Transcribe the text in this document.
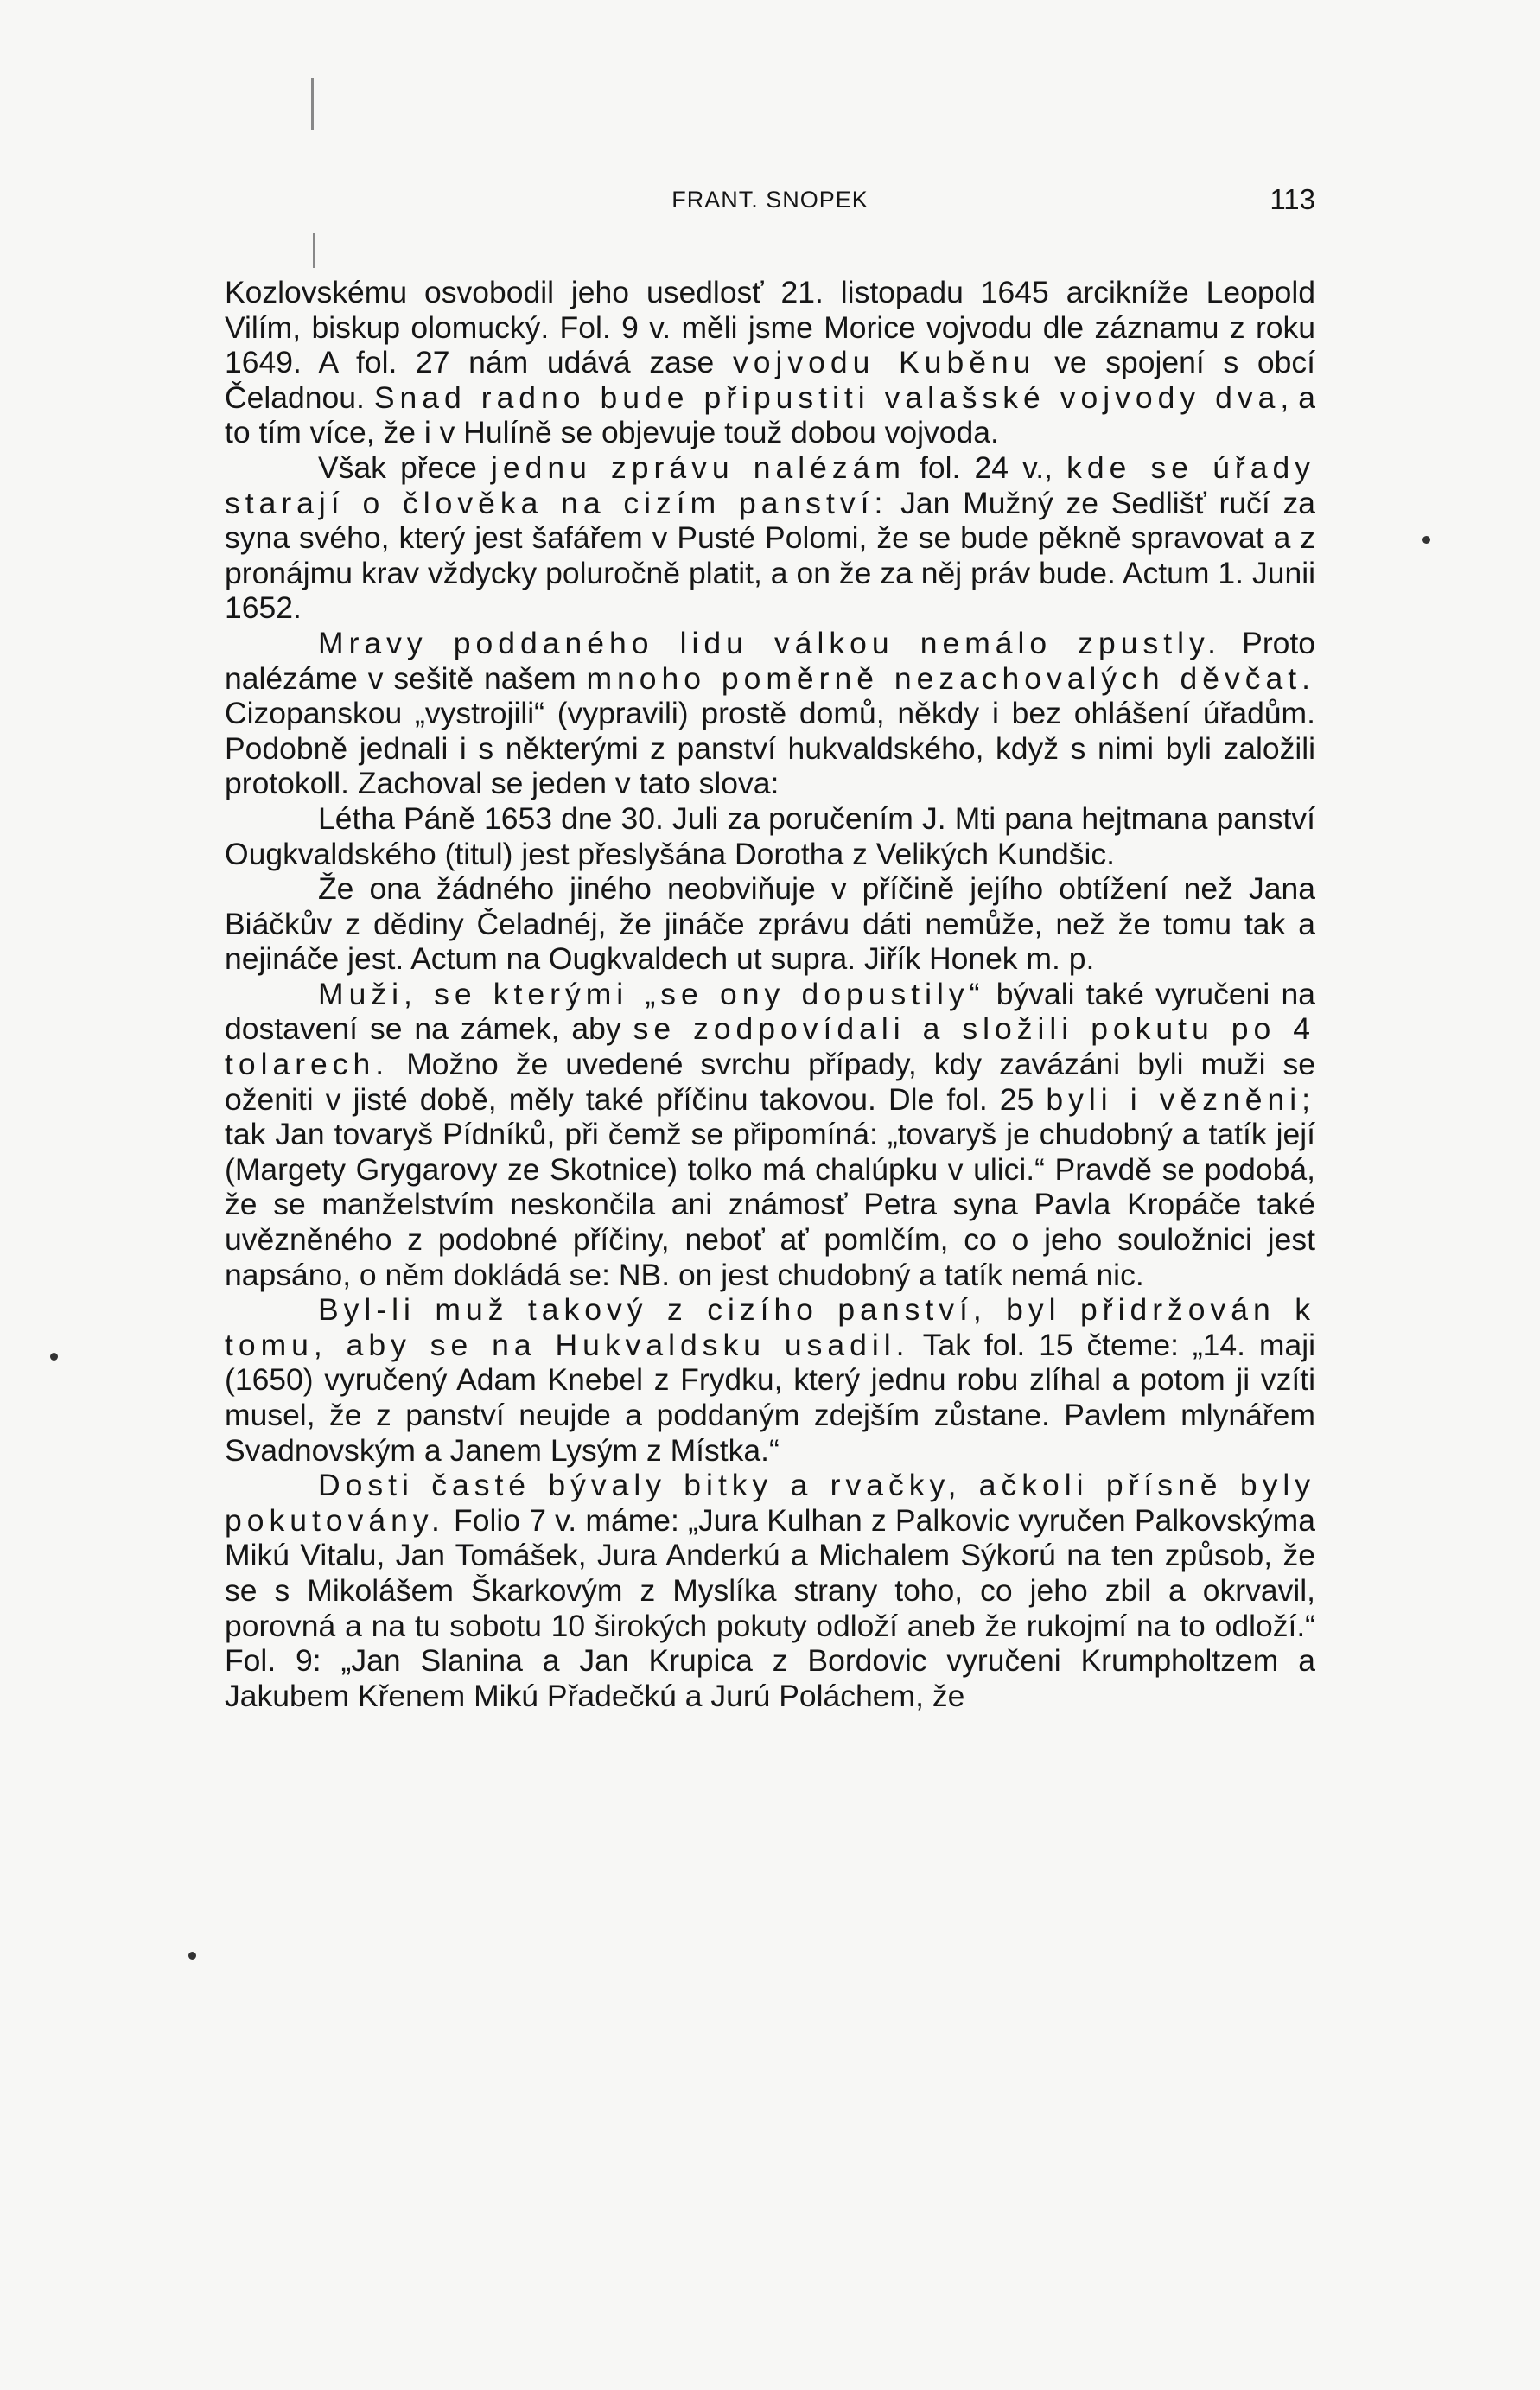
FRANT. SNOPEK	113

Kozlovskému osvobodil jeho usedlosť 21. listopadu 1645 arcikníže Leopold Vilím, biskup olomucký. Fol. 9 v. měli jsme Morice vojvodu dle záznamu z roku 1649. A fol. 27 nám udává zase vojvodu Kuběnu ve spojení s obcí Čeladnou. Snad radno bude připustiti valašské vojvody dva, a to tím více, že i v Hulíně se objevuje touž dobou vojvoda.

Však přece jednu zprávu nalézám fol. 24 v., kde se úřady starají o člověka na cizím panství: Jan Mužný ze Sedlišť ručí za syna svého, který jest šafářem v Pusté Polomi, že se bude pěkně spravovat a z pronájmu krav vždycky poluročně platit, a on že za něj práv bude. Actum 1. Junii 1652.

Mravy poddaného lidu válkou nemálo zpustly. Proto nalézáme v sešitě našem mnoho poměrně nezachovalých děvčat. Cizopanskou „vystrojili“ (vypravili) prostě domů, někdy i bez ohlášení úřadům. Podobně jednali i s některými z panství hukvaldského, když s nimi byli založili protokoll. Zachoval se jeden v tato slova:

Létha Páně 1653 dne 30. Juli za poručením J. Mti pana hejtmana panství Ougkvaldského (titul) jest přeslyšána Dorotha z Velikých Kundšic.

Že ona žádného jiného neobviňuje v příčině jejího obtížení než Jana Biáčkův z dědiny Čeladnéj, že jináče zprávu dáti nemůže, než že tomu tak a nejináče jest. Actum na Ougkvaldech ut supra. Jiřík Honek m. p.

Muži, se kterými „se ony dopustily“ bývali také vyručeni na dostavení se na zámek, aby se zodpovídali a složili pokutu po 4 tolarech. Možno že uvedené svrchu případy, kdy zavázáni byli muži se oženiti v jisté době, měly také příčinu takovou. Dle fol. 25 byli i vězněni; tak Jan tovaryš Pídníků, při čemž se připomíná: „tovaryš je chudobný a tatík její (Margety Grygarovy ze Skotnice) tolko má chalúpku v ulici.“ Pravdě se podobá, že se manželstvím neskončila ani známosť Petra syna Pavla Kropáče také uvězněného z podobné příčiny, neboť ať pomlčím, co o jeho souložnici jest napsáno, o něm dokládá se: NB. on jest chudobný a tatík nemá nic.

Byl-li muž takový z cizího panství, byl přidržován k tomu, aby se na Hukvaldsku usadil. Tak fol. 15 čteme: „14. maji (1650) vyručený Adam Knebel z Frydku, který jednu robu zlíhal a potom ji vzíti musel, že z panství neujde a poddaným zdejším zůstane. Pavlem mlynářem Svadnovským a Janem Lysým z Místka.“

Dosti časté bývaly bitky a rvačky, ačkoli přísně byly pokutovány. Folio 7 v. máme: „Jura Kulhan z Palkovic vyručen Palkovskýma Mikú Vitalu, Jan Tomášek, Jura Anderkú a Michalem Sýkorú na ten způsob, že se s Mikolášem Škarkovým z Myslíka strany toho, co jeho zbil a okrvavil, porovná a na tu sobotu 10 širokých pokuty odloží aneb že rukojmí na to odloží.“ Fol. 9: „Jan Slanina a Jan Krupica z Bordovic vyručeni Krumpholtzem a Jakubem Křenem Mikú Přadečkú a Jurú Poláchem, že
